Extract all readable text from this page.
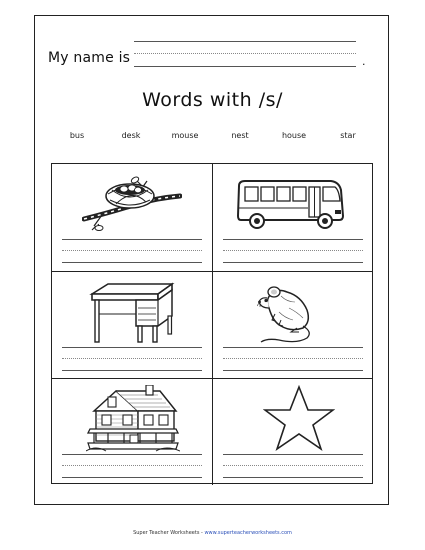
My name is	.
Words with /s/
bus	desk	mouse	nest	house	star
Super Teacher Worksheets - www.superteacherworksheets.com
